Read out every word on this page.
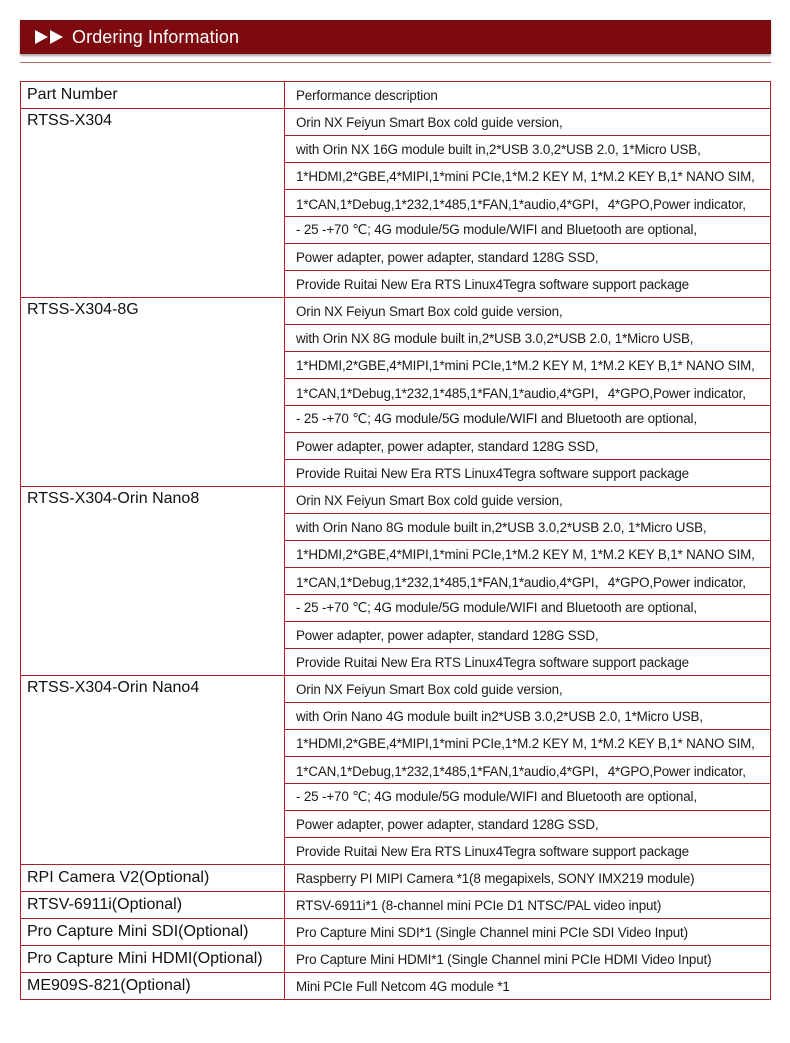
Ordering Information
Part Number	Performance description
RTSS-X304	Orin NX Feiyun Smart Box cold guide version,
	with Orin NX 16G module built in,2*USB 3.0,2*USB 2.0, 1*Micro USB,
	1*HDMI,2*GBE,4*MIPI,1*mini PCIe,1*M.2 KEY M, 1*M.2 KEY B,1* NANO SIM,
	1*CAN,1*Debug,1*232,1*485,1*FAN,1*audio,4*GPI，4*GPO,Power indicator,
	- 25 -+70 ℃; 4G module/5G module/WIFI and Bluetooth are optional,
	Power adapter, power adapter, standard 128G SSD,
	Provide Ruitai New Era RTS Linux4Tegra software support package
RTSS-X304-8G	Orin NX Feiyun Smart Box cold guide version,
	with Orin NX 8G module built in,2*USB 3.0,2*USB 2.0, 1*Micro USB,
	1*HDMI,2*GBE,4*MIPI,1*mini PCIe,1*M.2 KEY M, 1*M.2 KEY B,1* NANO SIM,
	1*CAN,1*Debug,1*232,1*485,1*FAN,1*audio,4*GPI，4*GPO,Power indicator,
	- 25 -+70 ℃; 4G module/5G module/WIFI and Bluetooth are optional,
	Power adapter, power adapter, standard 128G SSD,
	Provide Ruitai New Era RTS Linux4Tegra software support package
RTSS-X304-Orin Nano8	Orin NX Feiyun Smart Box cold guide version,
	with Orin Nano 8G module built in,2*USB 3.0,2*USB 2.0, 1*Micro USB,
	1*HDMI,2*GBE,4*MIPI,1*mini PCIe,1*M.2 KEY M, 1*M.2 KEY B,1* NANO SIM,
	1*CAN,1*Debug,1*232,1*485,1*FAN,1*audio,4*GPI，4*GPO,Power indicator,
	- 25 -+70 ℃; 4G module/5G module/WIFI and Bluetooth are optional,
	Power adapter, power adapter, standard 128G SSD,
	Provide Ruitai New Era RTS Linux4Tegra software support package
RTSS-X304-Orin Nano4	Orin NX Feiyun Smart Box cold guide version,
	with Orin Nano 4G module built in2*USB 3.0,2*USB 2.0, 1*Micro USB,
	1*HDMI,2*GBE,4*MIPI,1*mini PCIe,1*M.2 KEY M, 1*M.2 KEY B,1* NANO SIM,
	1*CAN,1*Debug,1*232,1*485,1*FAN,1*audio,4*GPI，4*GPO,Power indicator,
	- 25 -+70 ℃; 4G module/5G module/WIFI and Bluetooth are optional,
	Power adapter, power adapter, standard 128G SSD,
	Provide Ruitai New Era RTS Linux4Tegra software support package
RPI Camera V2(Optional)	Raspberry PI MIPI Camera *1(8 megapixels, SONY IMX219 module)
RTSV-6911i(Optional)	RTSV-6911i*1 (8-channel mini PCIe D1 NTSC/PAL video input)
Pro Capture Mini SDI(Optional)	Pro Capture Mini SDI*1 (Single Channel mini PCIe SDI Video Input)
Pro Capture Mini HDMI(Optional)	Pro Capture Mini HDMI*1 (Single Channel mini PCIe HDMI Video Input)
ME909S-821(Optional)	Mini PCIe Full Netcom 4G module *1
